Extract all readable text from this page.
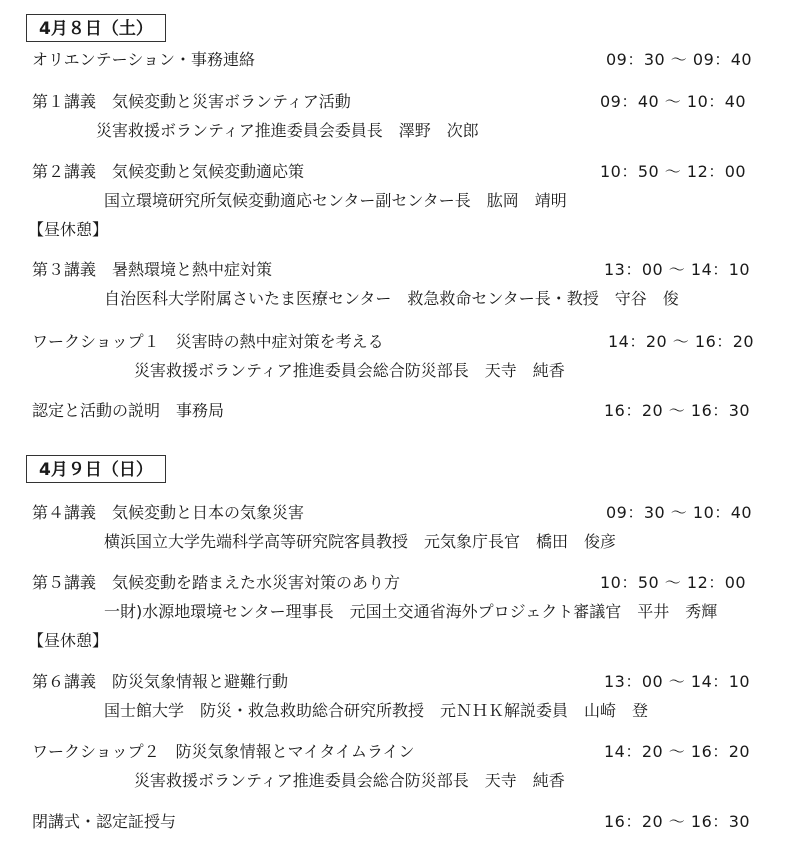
4月８日（土）
オリエンテーション・事務連絡	09：30 ～ 09：40
第１講義　気候変動と災害ボランティア活動	09：40 ～ 10：40
災害救援ボランティア推進委員会委員長　澤野　次郎
第２講義　気候変動と気候変動適応策	10：50 ～ 12：00
国立環境研究所気候変動適応センター副センター長　肱岡　靖明
【昼休憩】
第３講義　暑熱環境と熱中症対策	13：00 ～ 14：10
自治医科大学附属さいたま医療センター　救急救命センター長・教授　守谷　俊
ワークショップ１　災害時の熱中症対策を考える	14：20 ～ 16：20
災害救援ボランティア推進委員会総合防災部長　天寺　純香
認定と活動の説明　事務局	16：20 ～ 16：30
4月９日（日）
第４講義　気候変動と日本の気象災害	09：30 ～ 10：40
横浜国立大学先端科学高等研究院客員教授　元気象庁長官　橋田　俊彦
第５講義　気候変動を踏まえた水災害対策のあり方	10：50 ～ 12：00
一財)水源地環境センター理事長　元国土交通省海外プロジェクト審議官　平井　秀輝
【昼休憩】
第６講義　防災気象情報と避難行動	13：00 ～ 14：10
国士館大学　防災・救急救助総合研究所教授　元ＮＨＫ解説委員　山崎　登
ワークショップ２　防災気象情報とマイタイムライン	14：20 ～ 16：20
災害救援ボランティア推進委員会総合防災部長　天寺　純香
閉講式・認定証授与	16：20 ～ 16：30
